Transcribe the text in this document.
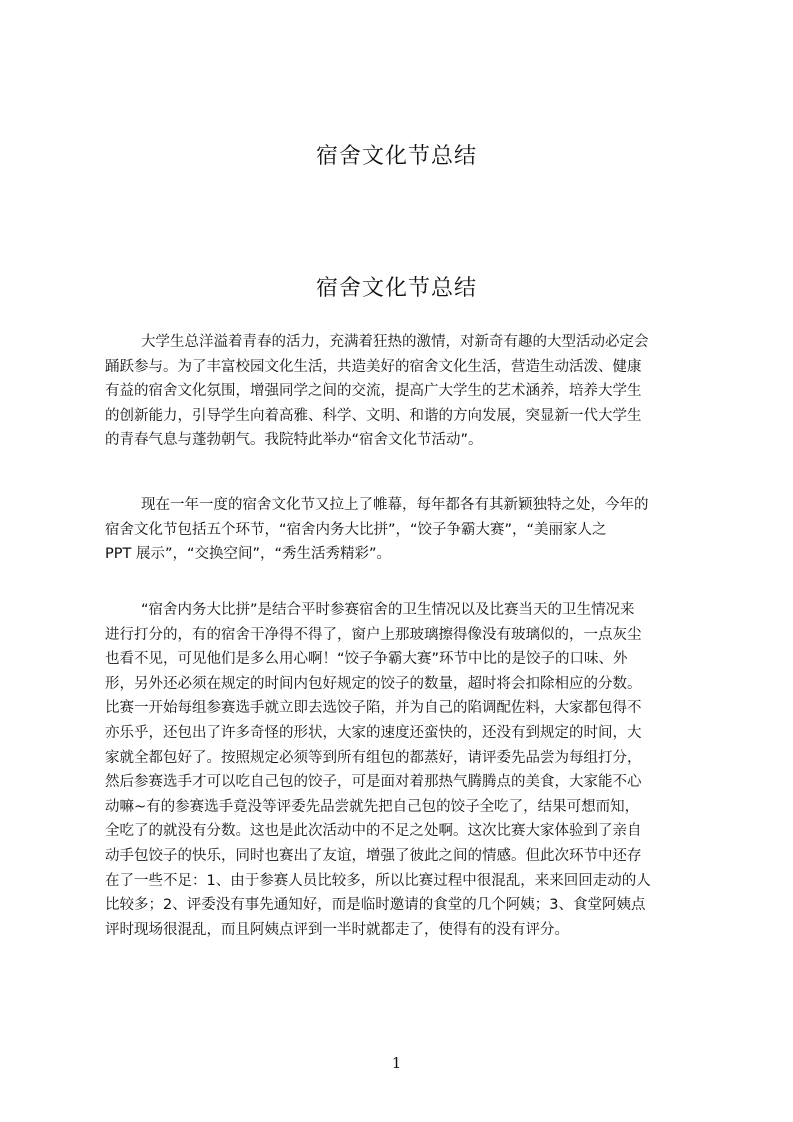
宿舍文化节总结
宿舍文化节总结
大学生总洋溢着青春的活力，充满着狂热的激情，对新奇有趣的大型活动必定会
踊跃参与。为了丰富校园文化生活，共造美好的宿舍文化生活，营造生动活泼、健康
有益的宿舍文化氛围，增强同学之间的交流，提高广大学生的艺术涵养，培养大学生
的创新能力，引导学生向着高雅、科学、文明、和谐的方向发展，突显新一代大学生
的青春气息与蓬勃朝气。我院特此举办“宿舍文化节活动”。
现在一年一度的宿舍文化节又拉上了帷幕，每年都各有其新颖独特之处，今年的
宿舍文化节包括五个环节，“宿舍内务大比拼”，“饺子争霸大赛”，“美丽家人之
PPT 展示”，“交换空间”，“秀生活秀精彩”。
“宿舍内务大比拼”是结合平时参赛宿舍的卫生情况以及比赛当天的卫生情况来
进行打分的，有的宿舍干净得不得了，窗户上那玻璃擦得像没有玻璃似的，一点灰尘
也看不见，可见他们是多么用心啊！“饺子争霸大赛”环节中比的是饺子的口味、外
形，另外还必须在规定的时间内包好规定的饺子的数量，超时将会扣除相应的分数。
比赛一开始每组参赛选手就立即去选饺子陷，并为自己的陷调配佐料，大家都包得不
亦乐乎，还包出了许多奇怪的形状，大家的速度还蛮快的，还没有到规定的时间，大
家就全都包好了。按照规定必须等到所有组包的都蒸好，请评委先品尝为每组打分，
然后参赛选手才可以吃自己包的饺子，可是面对着那热气腾腾点的美食，大家能不心
动嘛~有的参赛选手竟没等评委先品尝就先把自己包的饺子全吃了，结果可想而知，
全吃了的就没有分数。这也是此次活动中的不足之处啊。这次比赛大家体验到了亲自
动手包饺子的快乐，同时也赛出了友谊，增强了彼此之间的情感。但此次环节中还存
在了一些不足：1、由于参赛人员比较多，所以比赛过程中很混乱，来来回回走动的人
比较多；2、评委没有事先通知好，而是临时邀请的食堂的几个阿姨；3、食堂阿姨点
评时现场很混乱，而且阿姨点评到一半时就都走了，使得有的没有评分。
1
